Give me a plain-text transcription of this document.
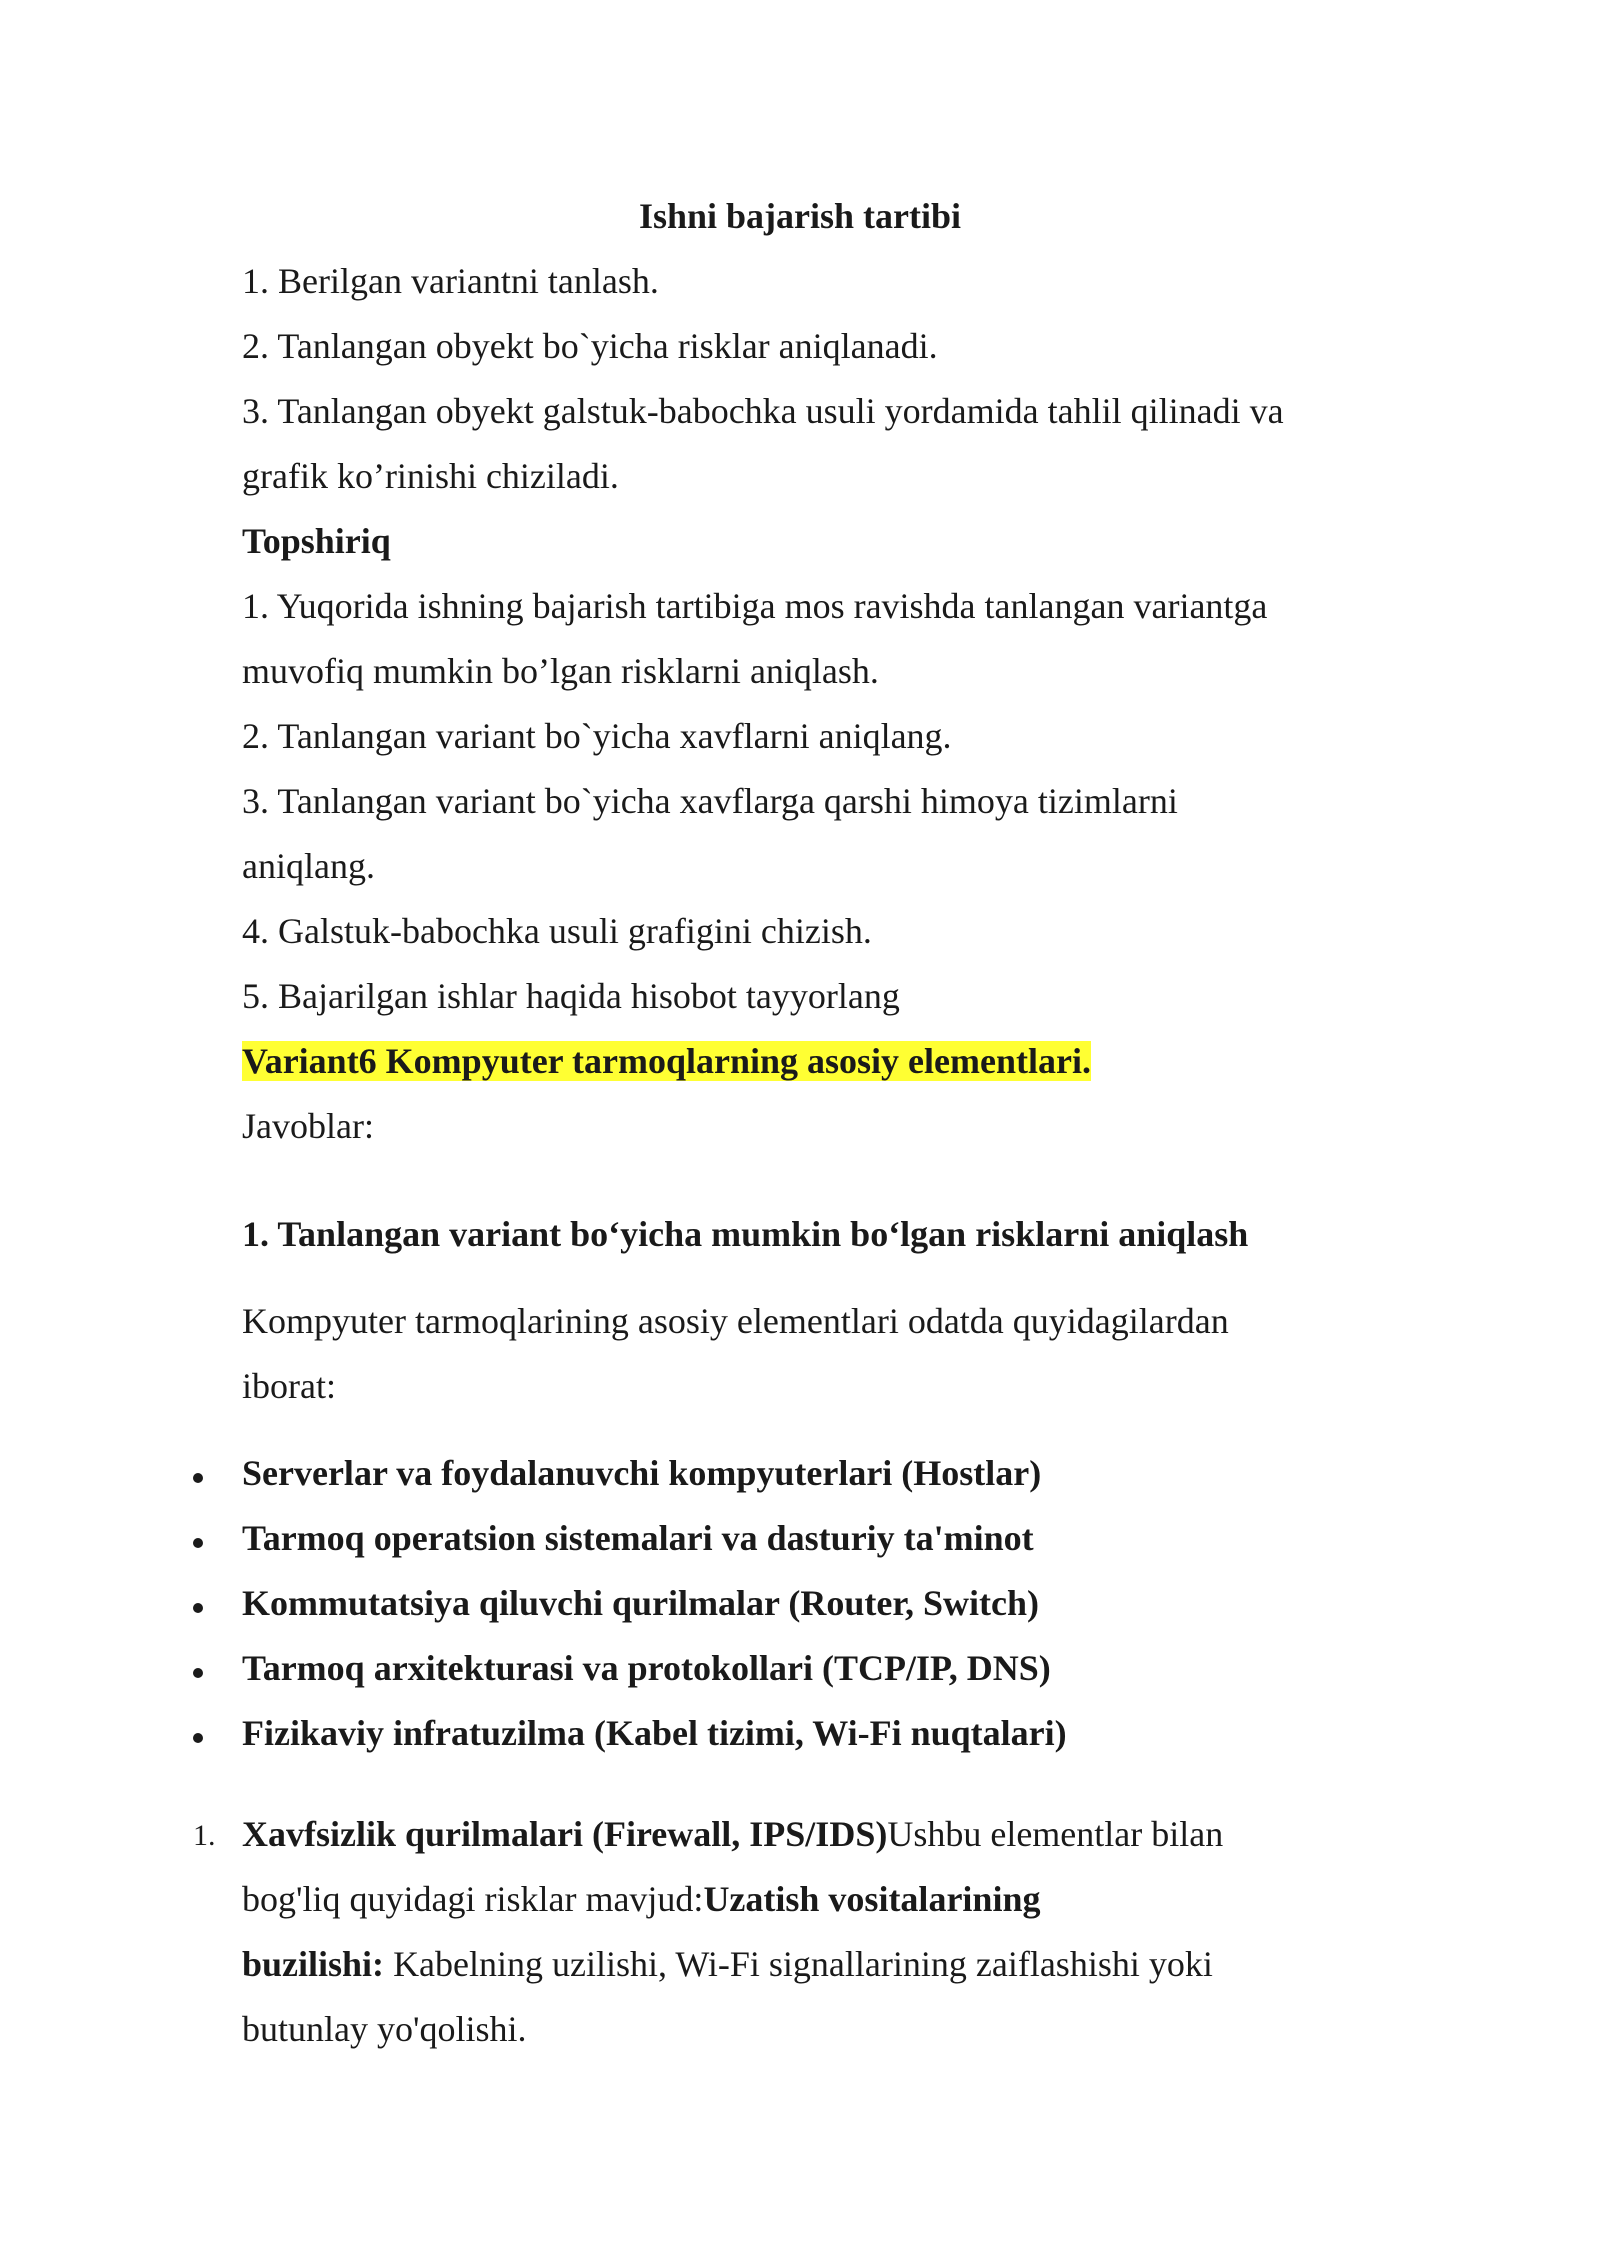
Ishni bajarish tartibi
1. Berilgan variantni tanlash.
2. Tanlangan obyekt bo`yicha risklar aniqlanadi.
3. Tanlangan obyekt galstuk-babochka usuli yordamida tahlil qilinadi va
grafik ko’rinishi chiziladi.
Topshiriq
1. Yuqorida ishning bajarish tartibiga mos ravishda tanlangan variantga
muvofiq mumkin bo’lgan risklarni aniqlash.
2. Tanlangan variant bo`yicha xavflarni aniqlang.
3. Tanlangan variant bo`yicha xavflarga qarshi himoya tizimlarni
aniqlang.
4. Galstuk-babochka usuli grafigini chizish.
5. Bajarilgan ishlar haqida hisobot tayyorlang
Variant6 Kompyuter tarmoqlarning asosiy elementlari.
Javoblar:
1. Tanlangan variant bo‘yicha mumkin bo‘lgan risklarni aniqlash
Kompyuter tarmoqlarining asosiy elementlari odatda quyidagilardan
iborat:
Serverlar va foydalanuvchi kompyuterlari (Hostlar)
Tarmoq operatsion sistemalari va dasturiy ta'minot
Kommutatsiya qiluvchi qurilmalar (Router, Switch)
Tarmoq arxitekturasi va protokollari (TCP/IP, DNS)
Fizikaviy infratuzilma (Kabel tizimi, Wi-Fi nuqtalari)
1. Xavfsizlik qurilmalari (Firewall, IPS/IDS)Ushbu elementlar bilan
bog'liq quyidagi risklar mavjud:Uzatish vositalarining
buzilishi: Kabelning uzilishi, Wi-Fi signallarining zaiflashishi yoki
butunlay yo'qolishi.
